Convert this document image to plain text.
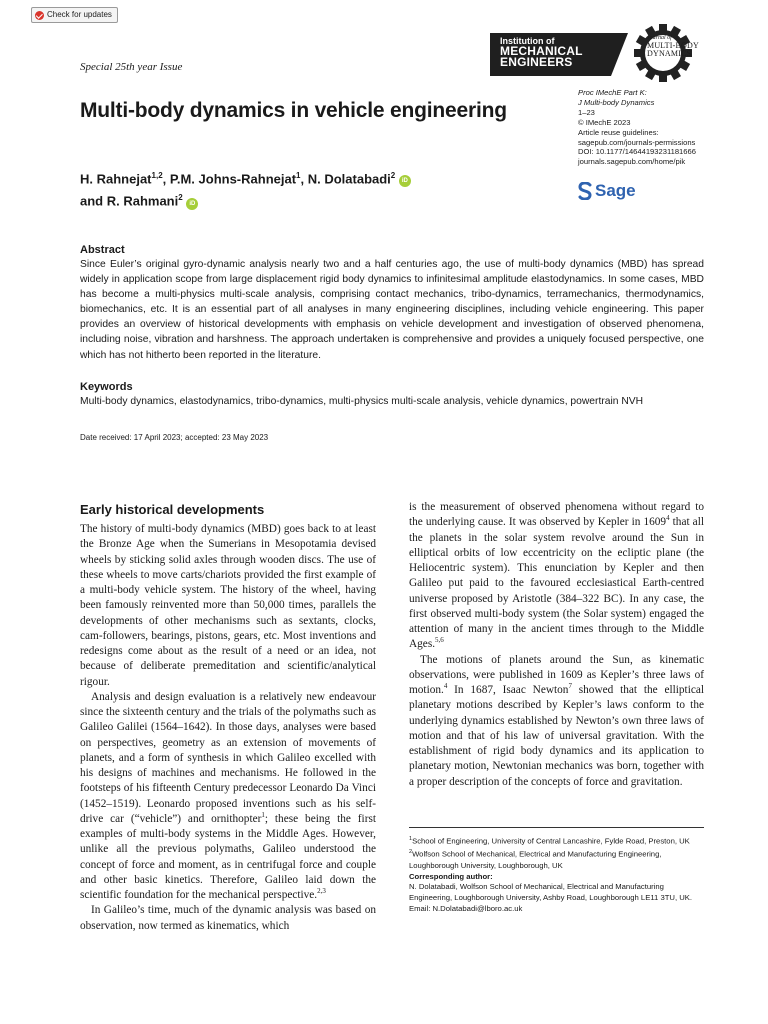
Check for updates
Special 25th year Issue
Institution of
MECHANICAL
ENGINEERS
Journal of
MULTI-BODY
DYNAMICS
Multi-body dynamics in vehicle engineering
Proc IMechE Part K:
J Multi-body Dynamics
1–23
© IMechE 2023
Article reuse guidelines:
sagepub.com/journals-permissions
DOI: 10.1177/14644193231181666
journals.sagepub.com/home/pik
Sage
H. Rahnejat$^{1,2}$, P.M. Johns-Rahnejat$^1$, N. Dolatabadi$^2$ iD
and R. Rahmani$^2$ iD
Abstract

Since Euler’s original gyro-dynamic analysis nearly two and a half centuries ago, the use of multi-body dynamics (MBD) has spread widely in application scope from large displacement rigid body dynamics to infinitesimal amplitude elastodynamics. In some cases, MBD has become a multi-physics multi-scale analysis, comprising contact mechanics, tribo-dynamics, terramechanics, thermodynamics, biomechanics, etc. It is an essential part of all analyses in many engineering disciplines, including vehicle engineering. This paper provides an overview of historical developments with emphasis on vehicle development and investigation of observed phenomena, including noise, vibration and harshness. The approach undertaken is comprehensive and provides a uniquely focused perspective, one which has not hitherto been reported in the literature.

Keywords

Multi-body dynamics, elastodynamics, tribo-dynamics, multi-physics multi-scale analysis, vehicle dynamics, powertrain NVH

Date received: 17 April 2023; accepted: 23 May 2023
Early historical developments

The history of multi-body dynamics (MBD) goes back to at least the Bronze Age when the Sumerians in Mesopotamia devised wheels by sticking solid axles through wooden discs. The use of these wheels to move carts/chariots provided the first example of a multi-body vehicle system. The history of the wheel, having been famously reinvented more than 50,000 times, parallels the developments of other mechanisms such as sextants, clocks, cam-followers, bearings, pistons, gears, etc. Most inventions and redesigns come about as the result of a need or an idea, not because of deliberate premeditation and scientific/analytical rigour.

Analysis and design evaluation is a relatively new endeavour since the sixteenth century and the trials of the polymaths such as Galileo Galilei (1564–1642). In those days, analyses were based on perspectives, geometry as an extension of movements of planets, and a form of synthesis in which Galileo excelled with his designs of machines and mechanisms. He followed in the footsteps of his fifteenth Century predecessor Leonardo Da Vinci (1452–1519). Leonardo proposed inventions such as his self-drive car (“vehicle”) and ornithopter$^1$; these being the first examples of multi-body systems in the Middle Ages. However, unlike all the previous polymaths, Galileo understood the concept of force and moment, as in centrifugal force and couple and other basic kinetics. Therefore, Galileo laid down the scientific foundation for the mechanical perspective.$^{2,3}$

In Galileo’s time, much of the dynamic analysis was based on observation, now termed as kinematics, which

is the measurement of observed phenomena without regard to the underlying cause. It was observed by Kepler in 1609$^4$ that all the planets in the solar system revolve around the Sun in elliptical orbits of low eccentricity on the ecliptic plane (the Heliocentric system). This enunciation by Kepler and then Galileo put paid to the favoured ecclesiastical Earth-centred universe proposed by Aristotle (384–322 BC). In any case, the first observed multi-body system (the Solar system) engaged the attention of many in the ancient times through to the Middle Ages.$^{5,6}$

The motions of planets around the Sun, as kinematic observations, were published in 1609 as Kepler’s three laws of motion.$^4$ In 1687, Isaac Newton$^7$ showed that the elliptical planetary motions described by Kepler’s laws conform to the underlying dynamics established by Newton’s own three laws of motion and that of his law of universal gravitation. With the establishment of rigid body dynamics and its application to planetary motion, Newtonian mechanics was born, together with a proper description of the concepts of force and gravitation.

$^1$School of Engineering, University of Central Lancashire, Fylde Road, Preston, UK

$^2$Wolfson School of Mechanical, Electrical and Manufacturing Engineering, Loughborough University, Loughborough, UK

Corresponding author:

N. Dolatabadi, Wolfson School of Mechanical, Electrical and Manufacturing Engineering, Loughborough University, Ashby Road, Loughborough LE11 3TU, UK.

Email: N.Dolatabadi@lboro.ac.uk
